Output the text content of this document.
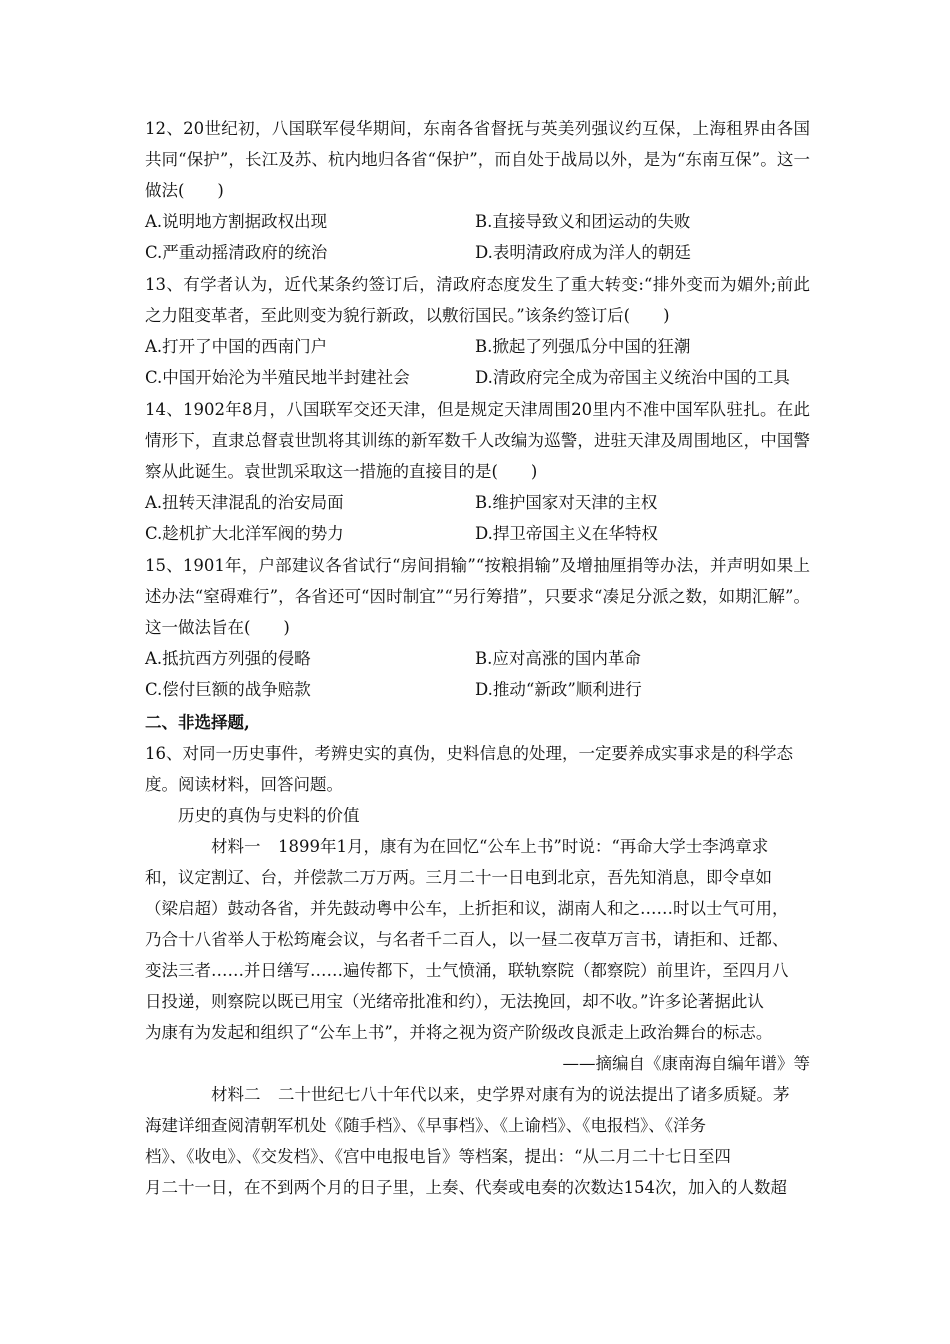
12、20世纪初，八国联军侵华期间，东南各省督抚与英美列强议约互保，上海租界由各国共同“保护”，长江及苏、杭内地归各省“保护”，而自处于战局以外，是为“东南互保”。这一做法(　　)

A.说明地方割据政权出现	B.直接导致义和团运动的失败
C.严重动摇清政府的统治	D.表明清政府成为洋人的朝廷

13、有学者认为，近代某条约签订后，清政府态度发生了重大转变:“排外变而为媚外;前此之力阻变革者，至此则变为貌行新政，以敷衍国民。”该条约签订后(　　)

A.打开了中国的西南门户	B.掀起了列强瓜分中国的狂潮
C.中国开始沦为半殖民地半封建社会	D.清政府完全成为帝国主义统治中国的工具

14、1902年8月，八国联军交还天津，但是规定天津周围20里内不准中国军队驻扎。在此情形下，直隶总督袁世凯将其训练的新军数千人改编为巡警，进驻天津及周围地区，中国警察从此诞生。袁世凯采取这一措施的直接目的是(　　)

A.扭转天津混乱的治安局面	B.维护国家对天津的主权
C.趁机扩大北洋军阀的势力	D.捍卫帝国主义在华特权

15、1901年，户部建议各省试行“房间捐输”“按粮捐输”及增抽厘捐等办法，并声明如果上述办法“窒碍难行”，各省还可“因时制宜”“另行筹措”，只要求“凑足分派之数，如期汇解”。这一做法旨在(　　)

A.抵抗西方列强的侵略	B.应对高涨的国内革命
C.偿付巨额的战争赔款	D.推动“新政”顺利进行
二、非选择题,
16、对同一历史事件，考辨史实的真伪，史料信息的处理，一定要养成实事求是的科学态
度。阅读材料，回答问题。
历史的真伪与史料的价值
材料一 1899年1月，康有为在回忆“公车上书”时说：“再命大学士李鸿章求
和，议定割辽、台，并偿款二万万两。三月二十一日电到北京，吾先知消息，即令卓如
（梁启超）鼓动各省，并先鼓动粤中公车，上折拒和议，湖南人和之……时以士气可用，
乃合十八省举人于松筠庵会议，与名者千二百人，以一昼二夜草万言书，请拒和、迁都、
变法三者……并日缮写……遍传都下，士气愤涌，联轨察院（都察院）前里许，至四月八
日投递，则察院以既已用宝（光绪帝批准和约），无法挽回，却不收。”许多论著据此认
为康有为发起和组织了“公车上书”，并将之视为资产阶级改良派走上政治舞台的标志。
——摘编自《康南海自编年谱》等
材料二 二十世纪七八十年代以来，史学界对康有为的说法提出了诸多质疑。茅
海建详细查阅清朝军机处《随手档》、《早事档》、《上谕档》、《电报档》、《洋务
档》、《收电》、《交发档》、《宫中电报电旨》等档案，提出：“从二月二十七日至四
月二十一日，在不到两个月的日子里，上奏、代奏或电奏的次数达154次，加入的人数超
